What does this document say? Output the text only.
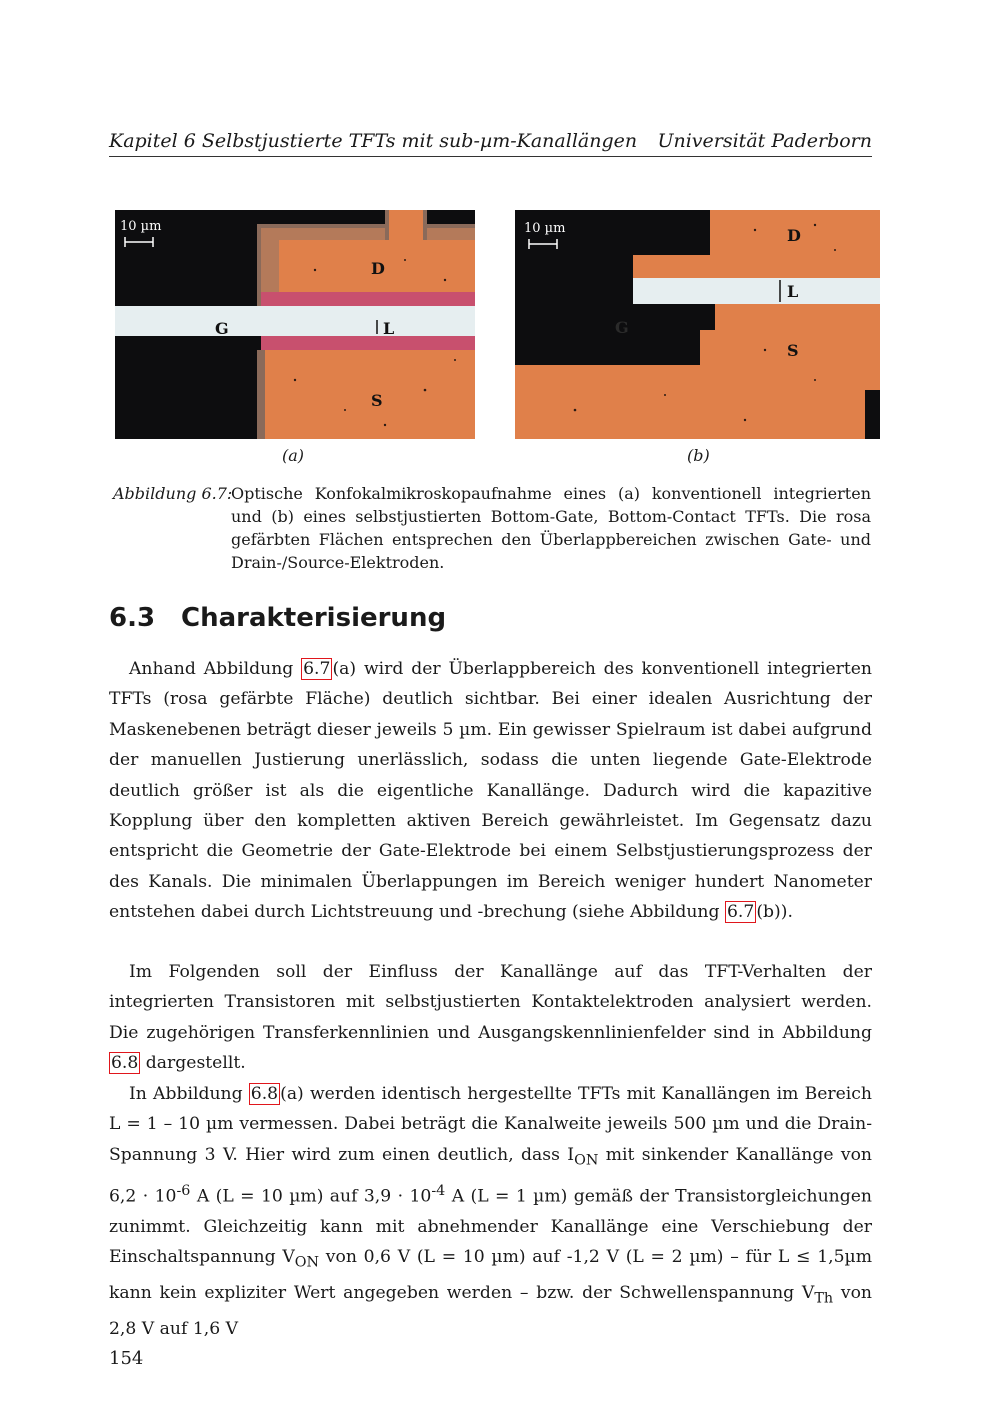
Kapitel 6 Selbstjustierte TFTs mit sub-µm-Kanallängen Universität Paderborn
10 µm
D
G	L
S
10 µm	D
G
L
S
(a)	(b)
Abbildung 6.7:
Optische Konfokalmikroskopaufnahme eines (a) konventionell integrierten und (b) eines selbstjustierten Bottom-Gate, Bottom-Contact TFTs. Die rosa gefärbten Flächen entsprechen den Überlappbereichen zwischen Gate- und Drain-/Source-Elektroden.
6.3 Charakterisierung
Anhand Abbildung 6.7 (a) wird der Überlappbereich des konventionell integrierten TFTs (rosa gefärbte Fläche) deutlich sichtbar. Bei einer idealen Ausrichtung der Maskenebenen beträgt dieser jeweils 5 µm. Ein gewisser Spielraum ist dabei aufgrund der manuellen Justierung unerlässlich, sodass die unten liegende Gate-Elektrode deutlich größer ist als die eigentliche Kanallänge. Dadurch wird die kapazitive Kopplung über den kompletten aktiven Bereich gewährleistet. Im Gegensatz dazu entspricht die Geometrie der Gate-Elektrode bei einem Selbstjustierungsprozess der des Kanals. Die minimalen Überlappungen im Bereich weniger hundert Nanometer entstehen dabei durch Lichtstreuung und -brechung (siehe Abbildung 6.7 (b)).
Im Folgenden soll der Einfluss der Kanallänge auf das TFT-Verhalten der integrierten Transistoren mit selbstjustierten Kontaktelektroden analysiert werden. Die zugehörigen Transferkennlinien und Ausgangskennlinienfelder sind in Abbildung 6.8 dargestellt.
In Abbildung 6.8 (a) werden identisch hergestellte TFTs mit Kanallängen im Bereich L = 1 – 10 µm vermessen. Dabei beträgt die Kanalweite jeweils 500 µm und die Drain-Spannung 3 V. Hier wird zum einen deutlich, dass $I_{ON}$ mit sinkender Kanallänge von $6,2 \cdot 10^{-6}$ A (L = 10 µm) auf $3,9 \cdot 10^{-4}$ A (L = 1 µm) gemäß der Transistorgleichungen zunimmt. Gleichzeitig kann mit abnehmender Kanallänge eine Verschiebung der Einschaltspannung $V_{ON}$ von 0,6 V (L = 10 µm) auf -1,2 V (L = 2 µm) – für L ≤ 1,5µm kann kein expliziter Wert angegeben werden – bzw. der Schwellenspannung $V_{Th}$ von 2,8 V auf 1,6 V
154
